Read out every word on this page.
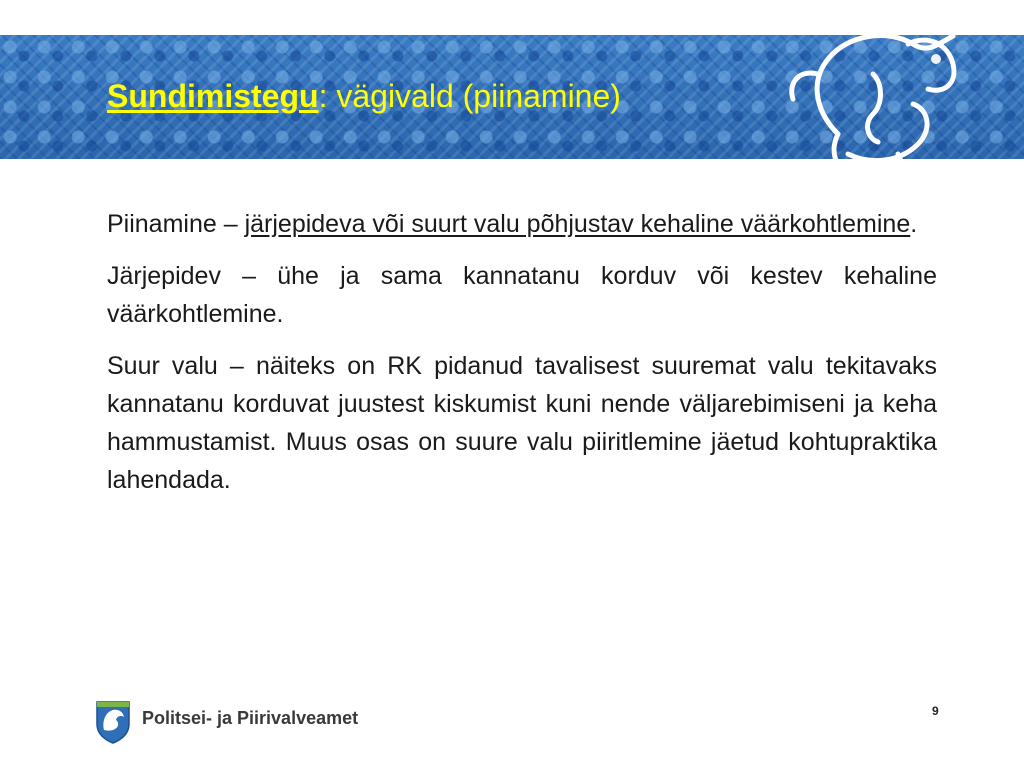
Sundimistegu: vägivald (piinamine)

Piinamine – järjepideva või suurt valu põhjustav kehaline väärkohtlemine.

Järjepidev – ühe ja sama kannatanu korduv või kestev kehaline väärkohtlemine.

Suur valu – näiteks on RK pidanud tavalisest suuremat valu tekitavaks kannatanu korduvat juustest kiskumist kuni nende väljarebimiseni ja keha hammustamist. Muus osas on suure valu piiritlemine jäetud kohtupraktika lahendada.

Politsei- ja Piirivalveamet	9
